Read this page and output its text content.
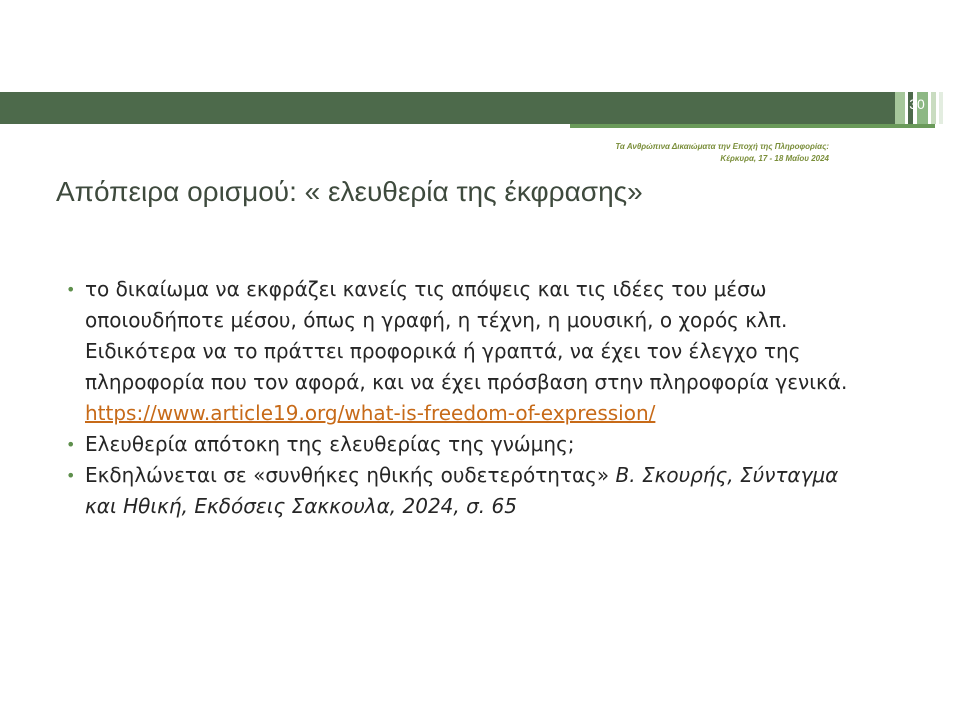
30
Τα Ανθρώπινα Δικαιώματα την Εποχή της Πληροφορίας:
Κέρκυρα, 17 - 18 Μαΐου 2024
Απόπειρα ορισμού: « ελευθερία της έκφρασης»
• το δικαίωμα να εκφράζει κανείς τις απόψεις και τις ιδέες του μέσω οποιουδήποτε μέσου, όπως η γραφή, η τέχνη, η μουσική, ο χορός κλπ. Ειδικότερα να το πράττει προφορικά ή γραπτά, να έχει τον έλεγχο της πληροφορία που τον αφορά, και να έχει πρόσβαση στην πληροφορία γενικά. https://www.article19.org/what-is-freedom-of-expression/
• Ελευθερία απότοκη της ελευθερίας της γνώμης;
• Εκδηλώνεται σε «συνθήκες ηθικής ουδετερότητας» Β. Σκουρής, Σύνταγμα και Ηθική, Εκδόσεις Σακκουλα, 2024, σ. 65
